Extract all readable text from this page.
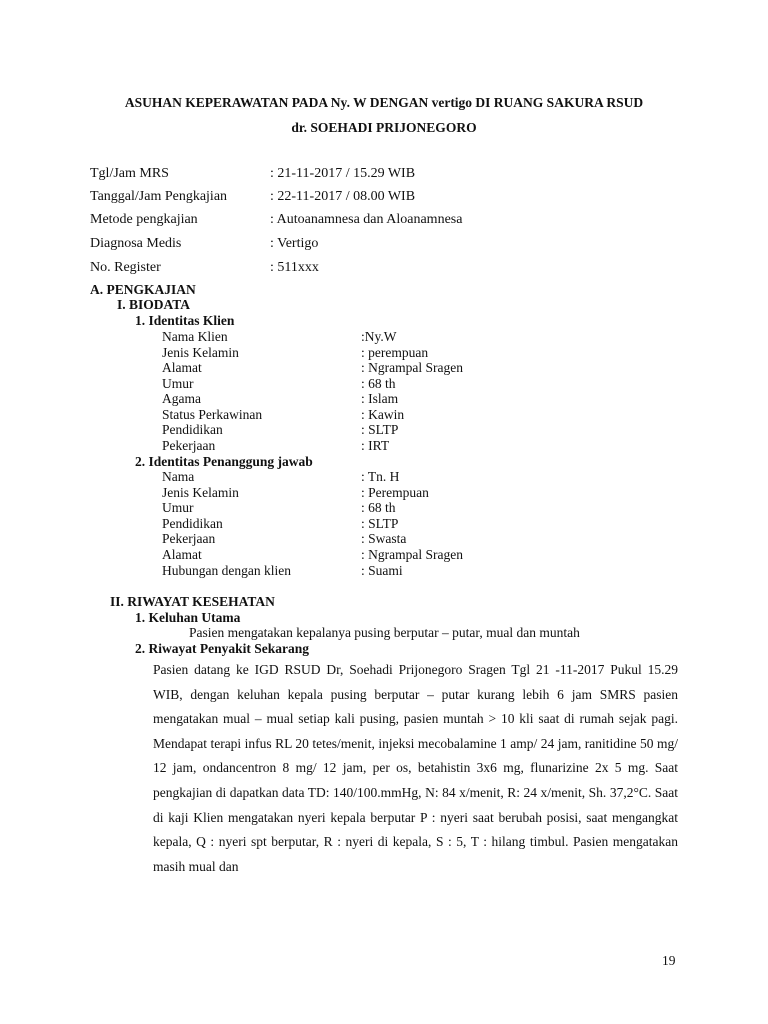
ASUHAN KEPERAWATAN PADA Ny. W DENGAN vertigo DI RUANG SAKURA RSUD
dr. SOEHADI PRIJONEGORO
Tgl/Jam MRS	: 21-11-2017 / 15.29 WIB
Tanggal/Jam Pengkajian	: 22-11-2017 / 08.00 WIB
Metode pengkajian	: Autoanamnesa dan Aloanamnesa
Diagnosa Medis	: Vertigo
No. Register	: 511xxx
A. PENGKAJIAN
I. BIODATA
1. Identitas Klien
Nama Klien	:Ny.W
Jenis Kelamin	: perempuan
Alamat	: Ngrampal Sragen
Umur	: 68 th
Agama	: Islam
Status Perkawinan	: Kawin
Pendidikan	: SLTP
Pekerjaan	: IRT
2. Identitas Penanggung jawab
Nama	: Tn. H
Jenis Kelamin	: Perempuan
Umur	: 68 th
Pendidikan	: SLTP
Pekerjaan	: Swasta
Alamat	: Ngrampal Sragen
Hubungan dengan klien	: Suami
II. RIWAYAT KESEHATAN
1. Keluhan Utama
Pasien mengatakan kepalanya pusing berputar – putar, mual dan muntah
2. Riwayat Penyakit Sekarang
Pasien datang ke IGD RSUD Dr, Soehadi Prijonegoro Sragen Tgl 21 -11-2017 Pukul 15.29 WIB, dengan keluhan kepala pusing berputar – putar kurang lebih 6 jam SMRS pasien mengatakan mual – mual setiap kali pusing, pasien muntah > 10 kli saat di rumah sejak pagi. Mendapat terapi infus RL 20 tetes/menit, injeksi mecobalamine 1 amp/ 24 jam, ranitidine 50 mg/ 12 jam, ondancentron 8 mg/ 12 jam, per os, betahistin 3x6 mg, flunarizine 2x 5 mg. Saat pengkajian di dapatkan data TD: 140/100.mmHg, N: 84 x/menit, R: 24 x/menit, Sh. 37,2°C. Saat di kaji Klien mengatakan nyeri kepala berputar P : nyeri saat berubah posisi, saat mengangkat kepala, Q : nyeri spt berputar, R : nyeri di kepala, S : 5, T : hilang timbul. Pasien mengatakan masih mual dan
19
